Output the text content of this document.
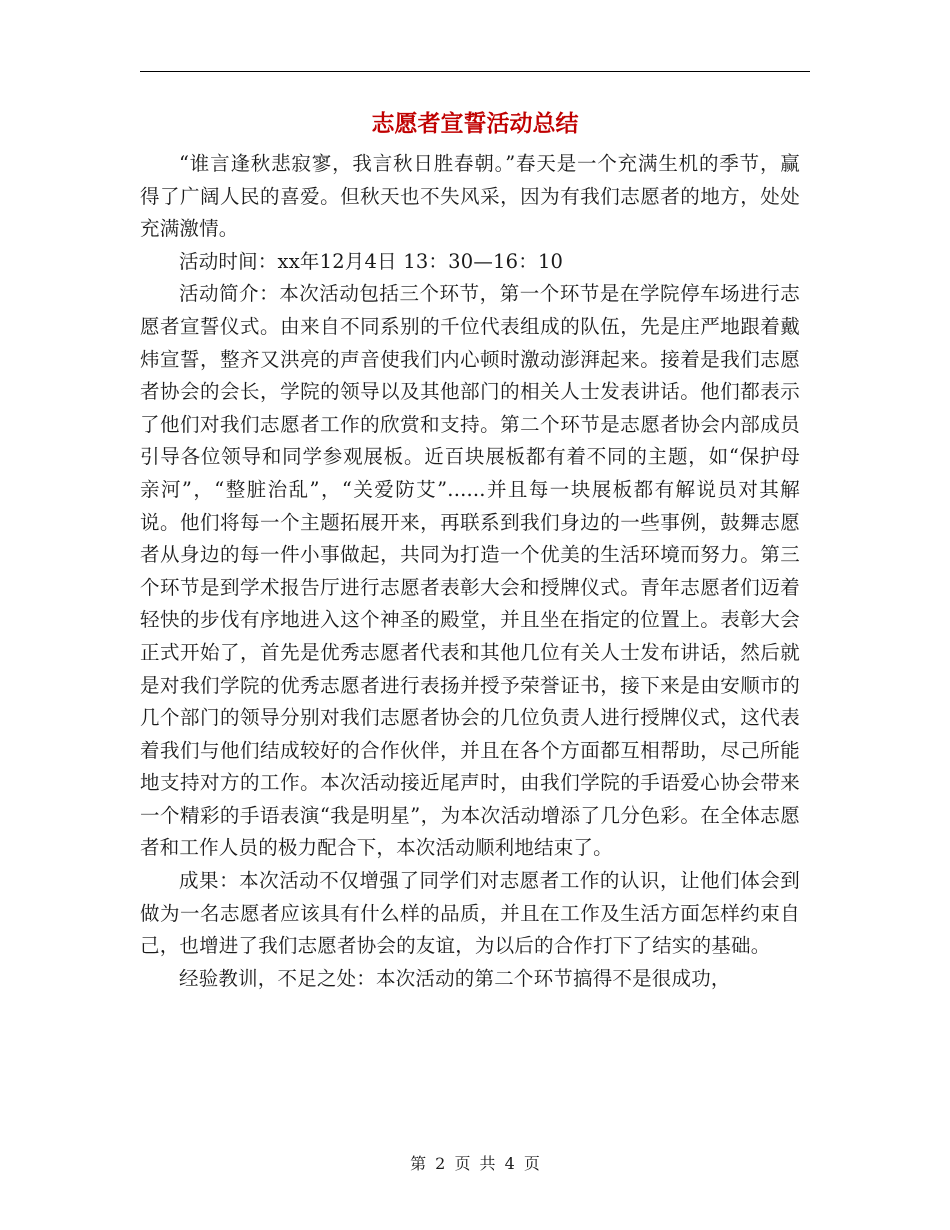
志愿者宣誓活动总结

“谁言逢秋悲寂寥，我言秋日胜春朝。”春天是一个充满生机的季节，赢得了广阔人民的喜爱。但秋天也不失风采，因为有我们志愿者的地方，处处充满激情。

活动时间：xx年12月4日 13：30—16：10

活动简介：本次活动包括三个环节，第一个环节是在学院停车场进行志愿者宣誓仪式。由来自不同系别的千位代表组成的队伍，先是庄严地跟着戴炜宣誓，整齐又洪亮的声音使我们内心顿时激动澎湃起来。接着是我们志愿者协会的会长，学院的领导以及其他部门的相关人士发表讲话。他们都表示了他们对我们志愿者工作的欣赏和支持。第二个环节是志愿者协会内部成员引导各位领导和同学参观展板。近百块展板都有着不同的主题，如“保护母亲河”，“整脏治乱”，“关爱防艾”......并且每一块展板都有解说员对其解说。他们将每一个主题拓展开来，再联系到我们身边的一些事例，鼓舞志愿者从身边的每一件小事做起，共同为打造一个优美的生活环境而努力。第三个环节是到学术报告厅进行志愿者表彰大会和授牌仪式。青年志愿者们迈着轻快的步伐有序地进入这个神圣的殿堂，并且坐在指定的位置上。表彰大会正式开始了，首先是优秀志愿者代表和其他几位有关人士发布讲话，然后就是对我们学院的优秀志愿者进行表扬并授予荣誉证书，接下来是由安顺市的几个部门的领导分别对我们志愿者协会的几位负责人进行授牌仪式，这代表着我们与他们结成较好的合作伙伴，并且在各个方面都互相帮助，尽己所能地支持对方的工作。本次活动接近尾声时，由我们学院的手语爱心协会带来一个精彩的手语表演“我是明星”，为本次活动增添了几分色彩。在全体志愿者和工作人员的极力配合下，本次活动顺利地结束了。

成果：本次活动不仅增强了同学们对志愿者工作的认识，让他们体会到做为一名志愿者应该具有什么样的品质，并且在工作及生活方面怎样约束自己，也增进了我们志愿者协会的友谊，为以后的合作打下了结实的基础。

经验教训，不足之处：本次活动的第二个环节搞得不是很成功，

第 2 页 共 4 页
